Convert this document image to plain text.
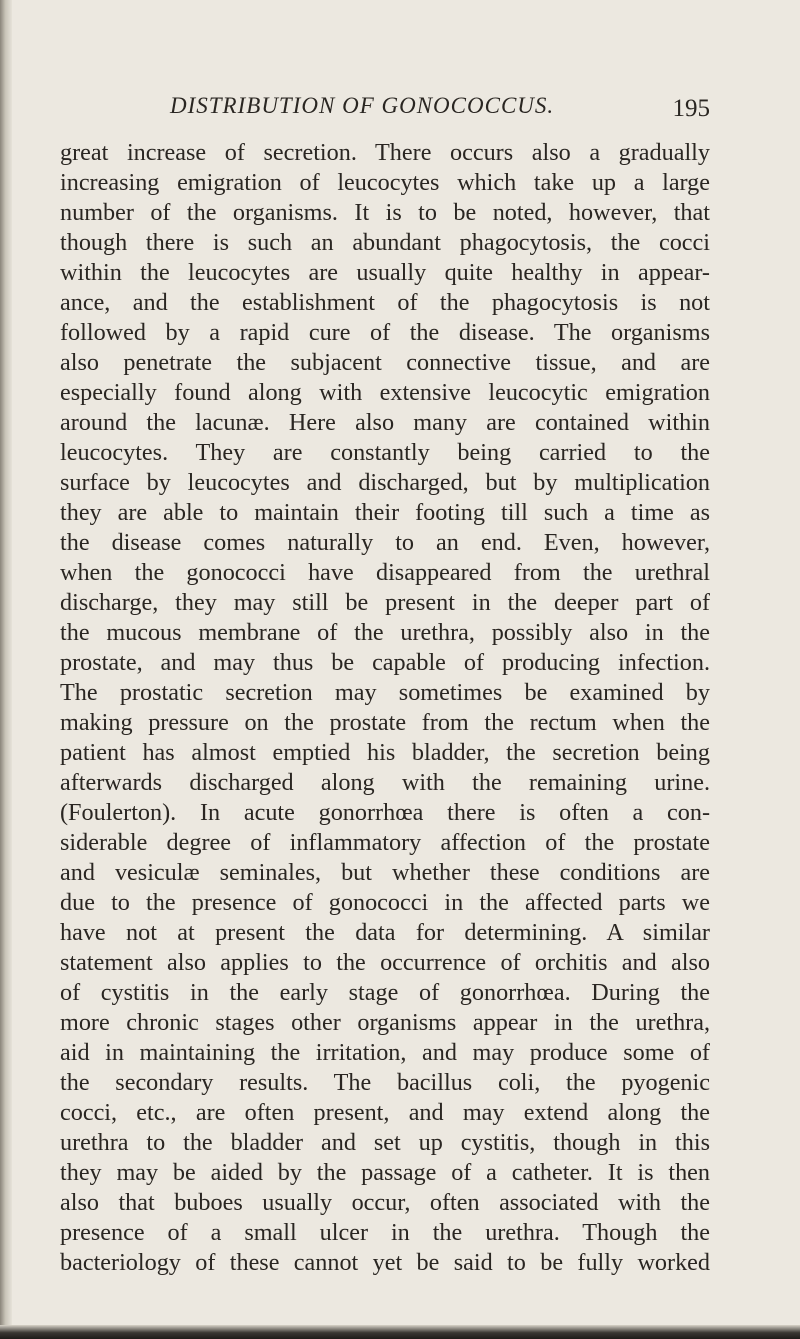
DISTRIBUTION OF GONOCOCCUS.	195
great increase of secretion. There occurs also a gradually
increasing emigration of leucocytes which take up a large
number of the organisms. It is to be noted, however, that
though there is such an abundant phagocytosis, the cocci
within the leucocytes are usually quite healthy in appear-
ance, and the establishment of the phagocytosis is not
followed by a rapid cure of the disease. The organisms
also penetrate the subjacent connective tissue, and are
especially found along with extensive leucocytic emigration
around the lacunæ. Here also many are contained within
leucocytes. They are constantly being carried to the
surface by leucocytes and discharged, but by multiplication
they are able to maintain their footing till such a time as
the disease comes naturally to an end. Even, however,
when the gonococci have disappeared from the urethral
discharge, they may still be present in the deeper part of
the mucous membrane of the urethra, possibly also in the
prostate, and may thus be capable of producing infection.
The prostatic secretion may sometimes be examined by
making pressure on the prostate from the rectum when the
patient has almost emptied his bladder, the secretion being
afterwards discharged along with the remaining urine.
(Foulerton). In acute gonorrhœa there is often a con-
siderable degree of inflammatory affection of the prostate
and vesiculæ seminales, but whether these conditions are
due to the presence of gonococci in the affected parts we
have not at present the data for determining. A similar
statement also applies to the occurrence of orchitis and also
of cystitis in the early stage of gonorrhœa. During the
more chronic stages other organisms appear in the urethra,
aid in maintaining the irritation, and may produce some of
the secondary results. The bacillus coli, the pyogenic
cocci, etc., are often present, and may extend along the
urethra to the bladder and set up cystitis, though in this
they may be aided by the passage of a catheter. It is then
also that buboes usually occur, often associated with the
presence of a small ulcer in the urethra. Though the
bacteriology of these cannot yet be said to be fully worked
